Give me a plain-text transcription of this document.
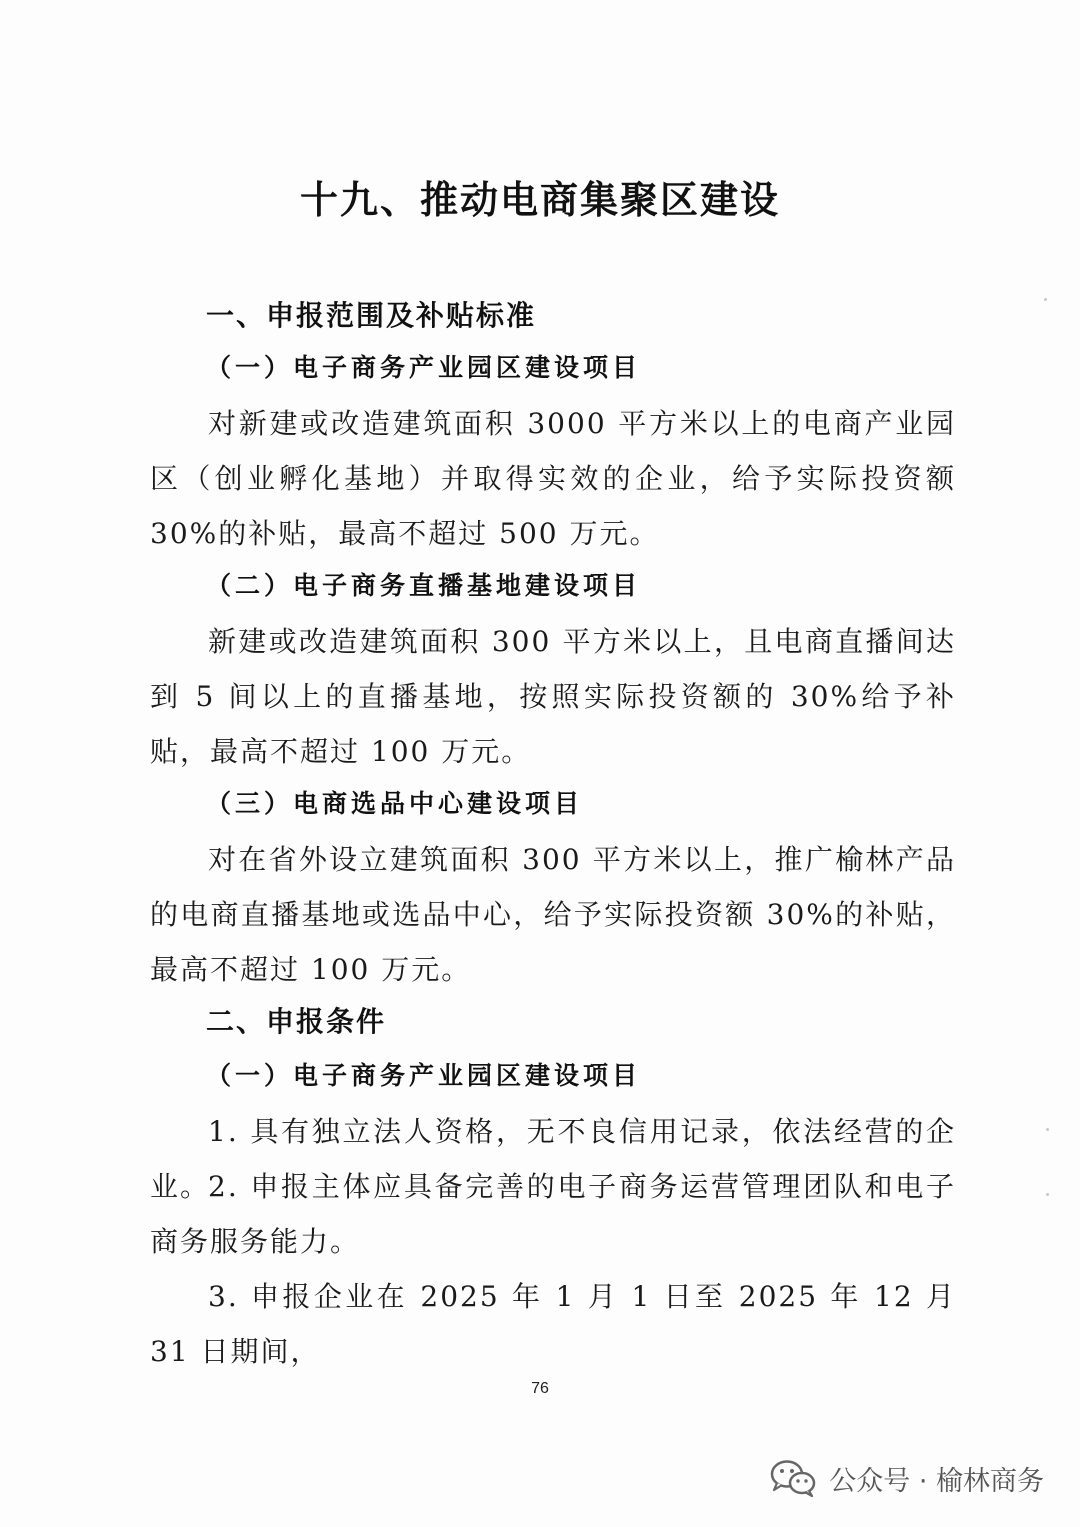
十九、推动电商集聚区建设
一、申报范围及补贴标准
（一）电子商务产业园区建设项目

对新建或改造建筑面积 3000 平方米以上的电商产业园区（创业孵化基地）并取得实效的企业，给予实际投资额 30%的补贴，最高不超过 500 万元。

（二）电子商务直播基地建设项目

新建或改造建筑面积 300 平方米以上，且电商直播间达到 5 间以上的直播基地，按照实际投资额的 30%给予补贴，最高不超过 100 万元。

（三）电商选品中心建设项目

对在省外设立建筑面积 300 平方米以上，推广榆林产品的电商直播基地或选品中心，给予实际投资额 30%的补贴，最高不超过 100 万元。

二、申报条件
（一）电子商务产业园区建设项目

1. 具有独立法人资格，无不良信用记录，依法经营的企业。

2. 申报主体应具备完善的电子商务运营管理团队和电子商务服务能力。

3. 申报企业在 2025 年 1 月 1 日至 2025 年 12 月 31 日期间，

76
公众号 · 榆林商务
